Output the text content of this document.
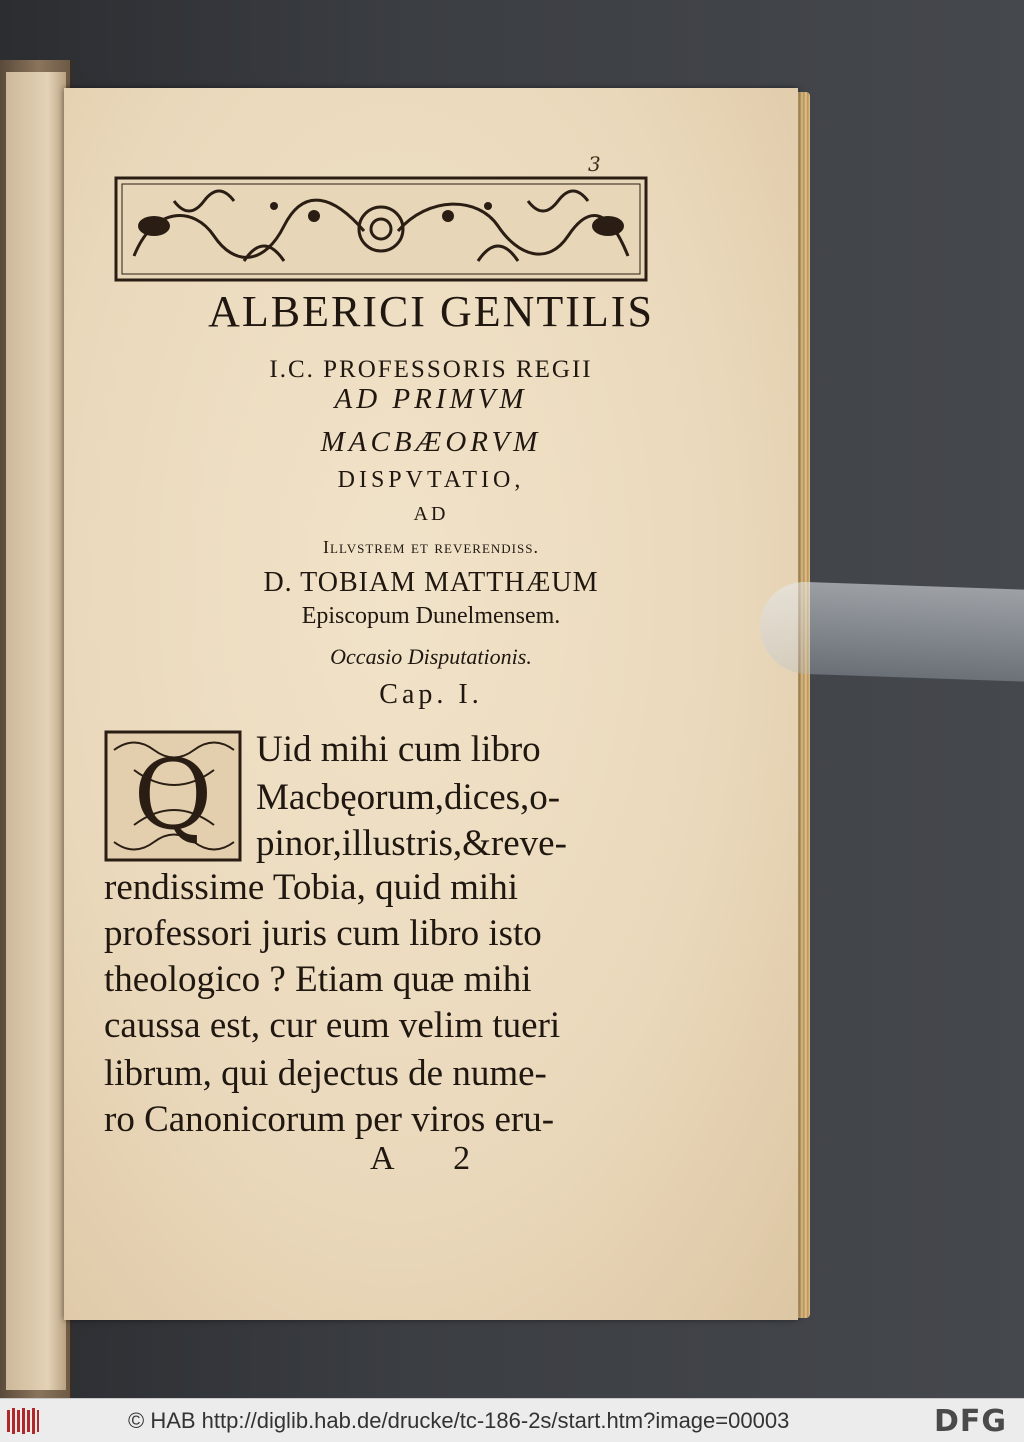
3
ALBERICI GENTILIS
I.C. PROFESSORIS REGII
AD PRIMVM
MACBÆORVM
DISPVTATIO,
AD
Illvstrem et reverendiss.
D. TOBIAM MATTHÆUM
Episcopum Dunelmensem.
Occasio Disputationis.
Cap. I.
Q Uid mihi cum libro
Macbęorum,dices,o-
pinor,illustris,&reve-
rendissime Tobia, quid mihi
professori juris cum libro isto
theologico ? Etiam quæ mihi
caussa est, cur eum velim tueri
librum, qui dejectus de nume-
ro Canonicorum per viros eru-
A 2
© HAB http://diglib.hab.de/drucke/tc-186-2s/start.htm?image=00003	DFG
